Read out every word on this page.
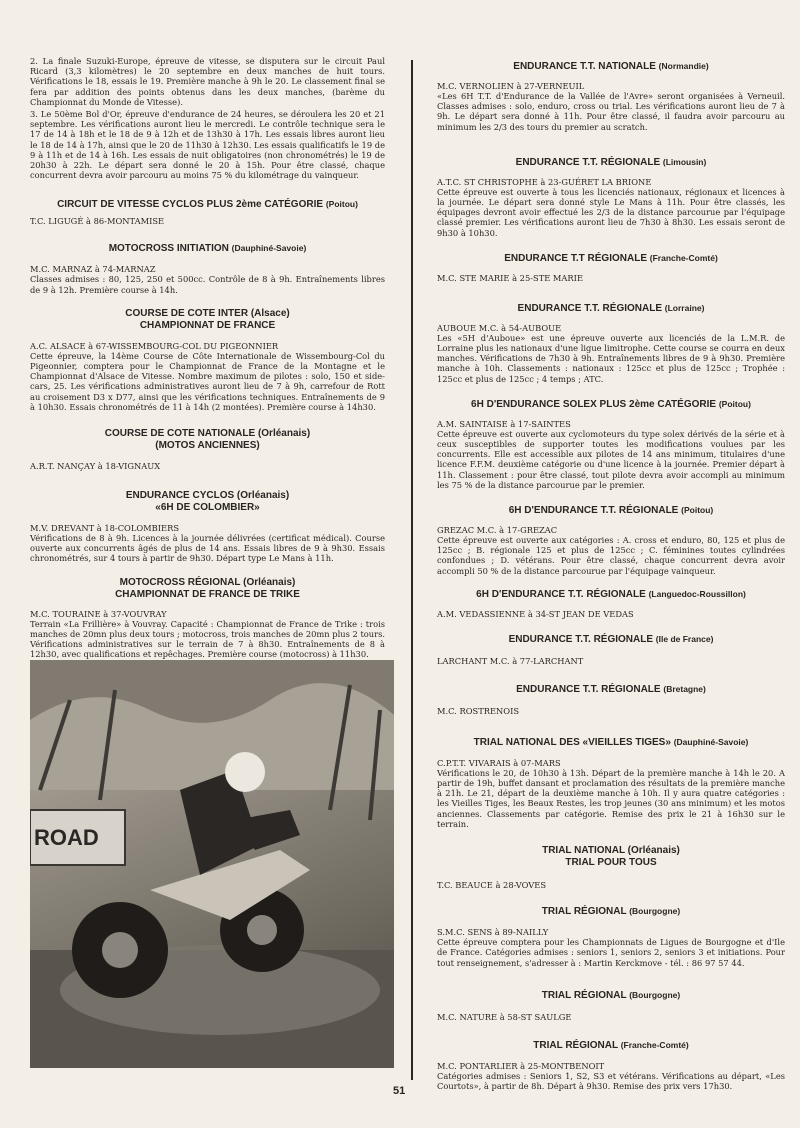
2. La finale Suzuki-Europe, épreuve de vitesse, se disputera sur le circuit Paul Ricard (3,3 kilomètres) le 20 septembre en deux manches de huit tours. Vérifications le 18, essais le 19. Première manche à 9h le 20. Le classement final se fera par addition des points obtenus dans les deux manches, (barème du Championnat du Monde de Vitesse).

3. Le 50ème Bol d'Or, épreuve d'endurance de 24 heures, se déroulera les 20 et 21 septembre. Les vérifications auront lieu le mercredi. Le contrôle technique sera le 17 de 14 à 18h et le 18 de 9 à 12h et de 13h30 à 17h. Les essais libres auront lieu le 18 de 14 à 17h, ainsi que le 20 de 11h30 à 12h30. Les essais qualificatifs le 19 de 9 à 11h et de 14 à 16h. Les essais de nuit obligatoires (non chronométrés) le 19 de 20h30 à 22h. Le départ sera donné le 20 à 15h. Pour être classé, chaque concurrent devra avoir parcouru au moins 75 % du kilométrage du vainqueur.

CIRCUIT DE VITESSE CYCLOS PLUS 2ème CATÉGORIE (Poitou)

T.C. LIGUGÉ à 86-MONTAMISE

MOTOCROSS INITIATION (Dauphiné-Savoie)

M.C. MARNAZ à 74-MARNAZ

Classes admises : 80, 125, 250 et 500cc. Contrôle de 8 à 9h. Entraînements libres de 9 à 12h. Première course à 14h.

COURSE DE COTE INTER (Alsace)
CHAMPIONNAT DE FRANCE

A.C. ALSACE à 67-WISSEMBOURG-COL DU PIGEONNIER

Cette épreuve, la 14ème Course de Côte Internationale de Wissembourg-Col du Pigeonnier, comptera pour le Championnat de France de la Montagne et le Championnat d'Alsace de Vitesse. Nombre maximum de pilotes : solo, 150 et side-cars, 25. Les vérifications administratives auront lieu de 7 à 9h, carrefour de Rott au croisement D3 x D77, ainsi que les vérifications techniques. Entraînements de 9 à 10h30. Essais chronométrés de 11 à 14h (2 montées). Première course à 14h30.

COURSE DE COTE NATIONALE (Orléanais)
(MOTOS ANCIENNES)

A.R.T. NANÇAY à 18-VIGNAUX

ENDURANCE CYCLOS (Orléanais)
«6H DE COLOMBIER»

M.V. DREVANT à 18-COLOMBIERS

Vérifications de 8 à 9h. Licences à la journée délivrées (certificat médical). Course ouverte aux concurrents âgés de plus de 14 ans. Essais libres de 9 à 9h30. Essais chronométrés, sur 4 tours à partir de 9h30. Départ type Le Mans à 11h.

MOTOCROSS RÉGIONAL (Orléanais)
CHAMPIONNAT DE FRANCE DE TRIKE

M.C. TOURAINE à 37-VOUVRAY

Terrain «La Frillière» à Vouvray. Capacité : Championnat de France de Trike : trois manches de 20mn plus deux tours ; motocross, trois manches de 20mn plus 2 tours. Vérifications administratives sur le terrain de 7 à 8h30. Entraînements de 8 à 12h30, avec qualifications et repêchages. Première course (motocross) à 11h30.

ROAD

ENDURANCE T.T. NATIONALE (Normandie)

M.C. VERNOLIEN à 27-VERNEUIL

«Les 6H T.T. d'Endurance de la Vallée de l'Avre» seront organisées à Verneuil. Classes admises : solo, enduro, cross ou trial. Les vérifications auront lieu de 7 à 9h. Le départ sera donné à 11h. Pour être classé, il faudra avoir parcouru au minimum les 2/3 des tours du premier au scratch.

ENDURANCE T.T. RÉGIONALE (Limousin)

A.T.C. ST CHRISTOPHE à 23-GUÉRET LA BRIONE

Cette épreuve est ouverte à tous les licenciés nationaux, régionaux et licences à la journée. Le départ sera donné style Le Mans à 11h. Pour être classés, les équipages devront avoir effectué les 2/3 de la distance parcourue par l'équipage classé premier. Les vérifications auront lieu de 7h30 à 8h30. Les essais seront de 9h30 à 10h30.

ENDURANCE T.T RÉGIONALE (Franche-Comté)

M.C. STE MARIE à 25-STE MARIE

ENDURANCE T.T. RÉGIONALE (Lorraine)

AUBOUE M.C. à 54-AUBOUE

Les «5H d'Auboue» est une épreuve ouverte aux licenciés de la L.M.R. de Lorraine plus les nationaux d'une ligue limitrophe. Cette course se courra en deux manches. Vérifications de 7h30 à 9h. Entraînements libres de 9 à 9h30. Première manche à 10h. Classements : nationaux : 125cc et plus de 125cc ; Trophée : 125cc et plus de 125cc ; 4 temps ; ATC.

6H D'ENDURANCE SOLEX PLUS 2ème CATÉGORIE (Poitou)

A.M. SAINTAISE à 17-SAINTES

Cette épreuve est ouverte aux cyclomoteurs du type solex dérivés de la série et à ceux susceptibles de supporter toutes les modifications voulues par les concurrents. Elle est accessible aux pilotes de 14 ans minimum, titulaires d'une licence F.F.M. deuxième catégorie ou d'une licence à la journée. Premier départ à 11h. Classement : pour être classé, tout pilote devra avoir accompli au minimum les 75 % de la distance parcourue par le premier.

6H D'ENDURANCE T.T. RÉGIONALE (Poitou)

GREZAC M.C. à 17-GREZAC

Cette épreuve est ouverte aux catégories : A. cross et enduro, 80, 125 et plus de 125cc ; B. régionale 125 et plus de 125cc ; C. féminines toutes cylindrées confondues ; D. vétérans. Pour être classé, chaque concurrent devra avoir accompli 50 % de la distance parcourue par l'équipage vainqueur.

6H D'ENDURANCE T.T. RÉGIONALE (Languedoc-Roussillon)

A.M. VEDASSIENNE à 34-ST JEAN DE VEDAS

ENDURANCE T.T. RÉGIONALE (Ile de France)

LARCHANT M.C. à 77-LARCHANT

ENDURANCE T.T. RÉGIONALE (Bretagne)

M.C. ROSTRENOIS

TRIAL NATIONAL DES «VIEILLES TIGES» (Dauphiné-Savoie)

C.P.T.T. VIVARAIS à 07-MARS

Vérifications le 20, de 10h30 à 13h. Départ de la première manche à 14h le 20. A partir de 19h, buffet dansant et proclamation des résultats de la première manche à 21h. Le 21, départ de la deuxième manche à 10h. Il y aura quatre catégories : les Vieilles Tiges, les Beaux Restes, les trop jeunes (30 ans minimum) et les motos anciennes. Classements par catégorie. Remise des prix le 21 à 16h30 sur le terrain.

TRIAL NATIONAL (Orléanais)
TRIAL POUR TOUS

T.C. BEAUCE à 28-VOVES

TRIAL RÉGIONAL (Bourgogne)

S.M.C. SENS à 89-NAILLY

Cette épreuve comptera pour les Championnats de Ligues de Bourgogne et d'Ile de France. Catégories admises : seniors 1, seniors 2, seniors 3 et initiations. Pour tout renseignement, s'adresser à : Martin Kerckmove - tél. : 86 97 57 44.

TRIAL RÉGIONAL (Bourgogne)

M.C. NATURE à 58-ST SAULGE

TRIAL RÉGIONAL (Franche-Comté)

M.C. PONTARLIER à 25-MONTBENOIT

Catégories admises : Seniors 1, S2, S3 et vétérans. Vérifications au départ, «Les Courtots», à partir de 8h. Départ à 9h30. Remise des prix vers 17h30.

51
